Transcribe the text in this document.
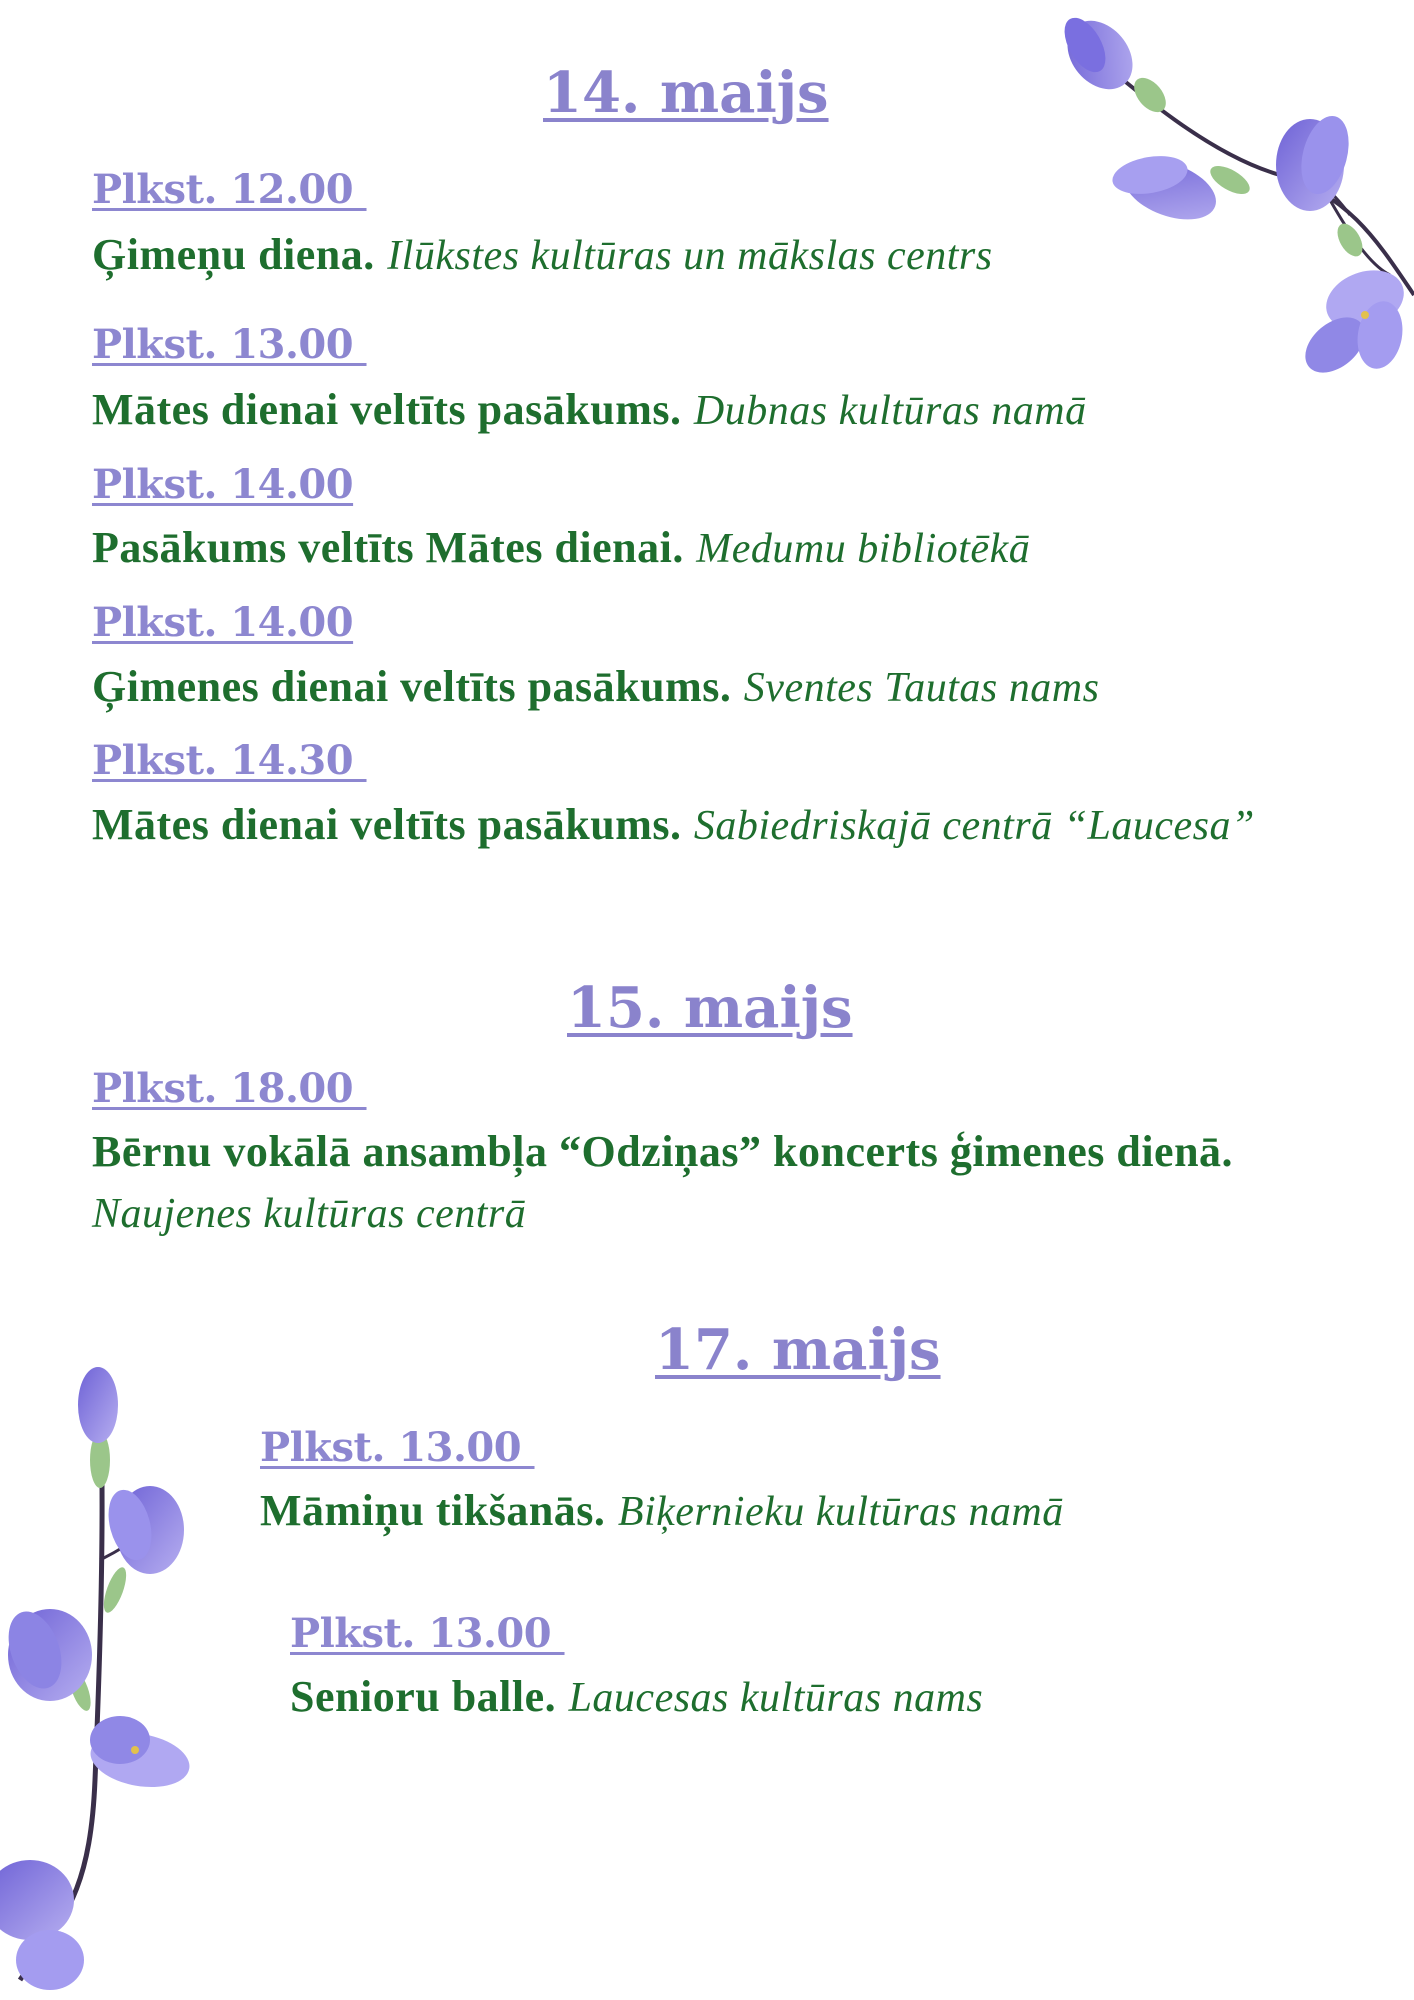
14. maijs
Plkst. 12.00

Ģimeņu diena. Ilūkstes kultūras un mākslas centrs

Plkst. 13.00

Mātes dienai veltīts pasākums. Dubnas kultūras namā

Plkst. 14.00

Pasākums veltīts Mātes dienai. Medumu bibliotēkā

Plkst. 14.00

Ģimenes dienai veltīts pasākums. Sventes Tautas nams

Plkst. 14.30

Mātes dienai veltīts pasākums. Sabiedriskajā centrā “Laucesa”

15. maijs
Plkst. 18.00

Bērnu vokālā ansambļa “Odziņas” koncerts ģimenes dienā. Naujenes kultūras centrā

17. maijs
Plkst. 13.00

Māmiņu tikšanās. Biķernieku kultūras namā

Plkst. 13.00

Senioru balle. Laucesas kultūras nams
